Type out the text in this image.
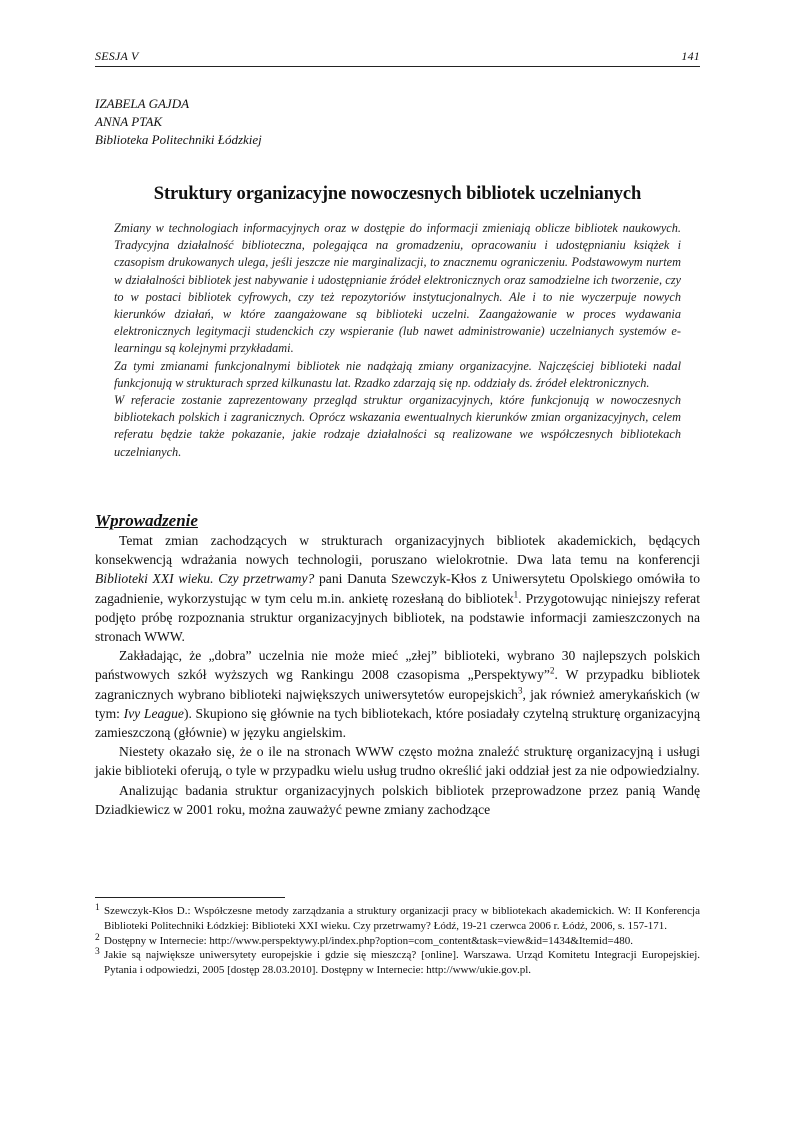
SESJA V	141
IZABELA GAJDA
ANNA PTAK
Biblioteka Politechniki Łódzkiej
Struktury organizacyjne nowoczesnych bibliotek uczelnianych

Zmiany w technologiach informacyjnych oraz w dostępie do informacji zmieniają oblicze bibliotek naukowych. Tradycyjna działalność biblioteczna, polegająca na gromadzeniu, opracowaniu i udostępnianiu książek i czasopism drukowanych ulega, jeśli jeszcze nie marginalizacji, to znacznemu ograniczeniu. Podstawowym nurtem w działalności bibliotek jest nabywanie i udostępnianie źródeł elektronicznych oraz samodzielne ich tworzenie, czy to w postaci bibliotek cyfrowych, czy też repozytoriów instytucjonalnych. Ale i to nie wyczerpuje nowych kierunków działań, w które zaangażowane są biblioteki uczelni. Zaangażowanie w proces wydawania elektronicznych legitymacji studenckich czy wspieranie (lub nawet administrowanie) uczelnianych systemów e-learningu są kolejnymi przykładami.

Za tymi zmianami funkcjonalnymi bibliotek nie nadążają zmiany organizacyjne. Najczęściej biblioteki nadal funkcjonują w strukturach sprzed kilkunastu lat. Rzadko zdarzają się np. oddziały ds. źródeł elektronicznych.

W referacie zostanie zaprezentowany przegląd struktur organizacyjnych, które funkcjonują w nowoczesnych bibliotekach polskich i zagranicznych. Oprócz wskazania ewentualnych kierunków zmian organizacyjnych, celem referatu będzie także pokazanie, jakie rodzaje działalności są realizowane we współczesnych bibliotekach uczelnianych.

Wprowadzenie

Temat zmian zachodzących w strukturach organizacyjnych bibliotek akademickich, będących konsekwencją wdrażania nowych technologii, poruszano wielokrotnie. Dwa lata temu na konferencji Biblioteki XXI wieku. Czy przetrwamy? pani Danuta Szewczyk-Kłos z Uniwersytetu Opolskiego omówiła to zagadnienie, wykorzystując w tym celu m.in. ankietę rozesłaną do bibliotek$^1$. Przygotowując niniejszy referat podjęto próbę rozpoznania struktur organizacyjnych bibliotek, na podstawie informacji zamieszczonych na stronach WWW.

Zakładając, że „dobra” uczelnia nie może mieć „złej” biblioteki, wybrano 30 najlepszych polskich państwowych szkół wyższych wg Rankingu 2008 czasopisma „Perspektywy”$^2$. W przypadku bibliotek zagranicznych wybrano biblioteki największych uniwersytetów europejskich$^3$, jak również amerykańskich (w tym: Ivy League). Skupiono się głównie na tych bibliotekach, które posiadały czytelną strukturę organizacyjną zamieszczoną (głównie) w języku angielskim.

Niestety okazało się, że o ile na stronach WWW często można znaleźć strukturę organizacyjną i usługi jakie biblioteki oferują, o tyle w przypadku wielu usług trudno określić jaki oddział jest za nie odpowiedzialny.

Analizując badania struktur organizacyjnych polskich bibliotek przeprowadzone przez panią Wandę Dziadkiewicz w 2001 roku, można zauważyć pewne zmiany zachodzące

1 Szewczyk-Kłos D.: Współczesne metody zarządzania a struktury organizacji pracy w bibliotekach akademickich. W: II Konferencja Biblioteki Politechniki Łódzkiej: Biblioteki XXI wieku. Czy przetrwamy? Łódź, 19-21 czerwca 2006 r. Łódź, 2006, s. 157-171.
2 Dostępny w Internecie: http://www.perspektywy.pl/index.php?option=com_content&task=view&id=1434&Itemid=480.
3 Jakie są największe uniwersytety europejskie i gdzie się mieszczą? [online]. Warszawa. Urząd Komitetu Integracji Europejskiej. Pytania i odpowiedzi, 2005 [dostęp 28.03.2010]. Dostępny w Internecie: http://www/ukie.gov.pl.
